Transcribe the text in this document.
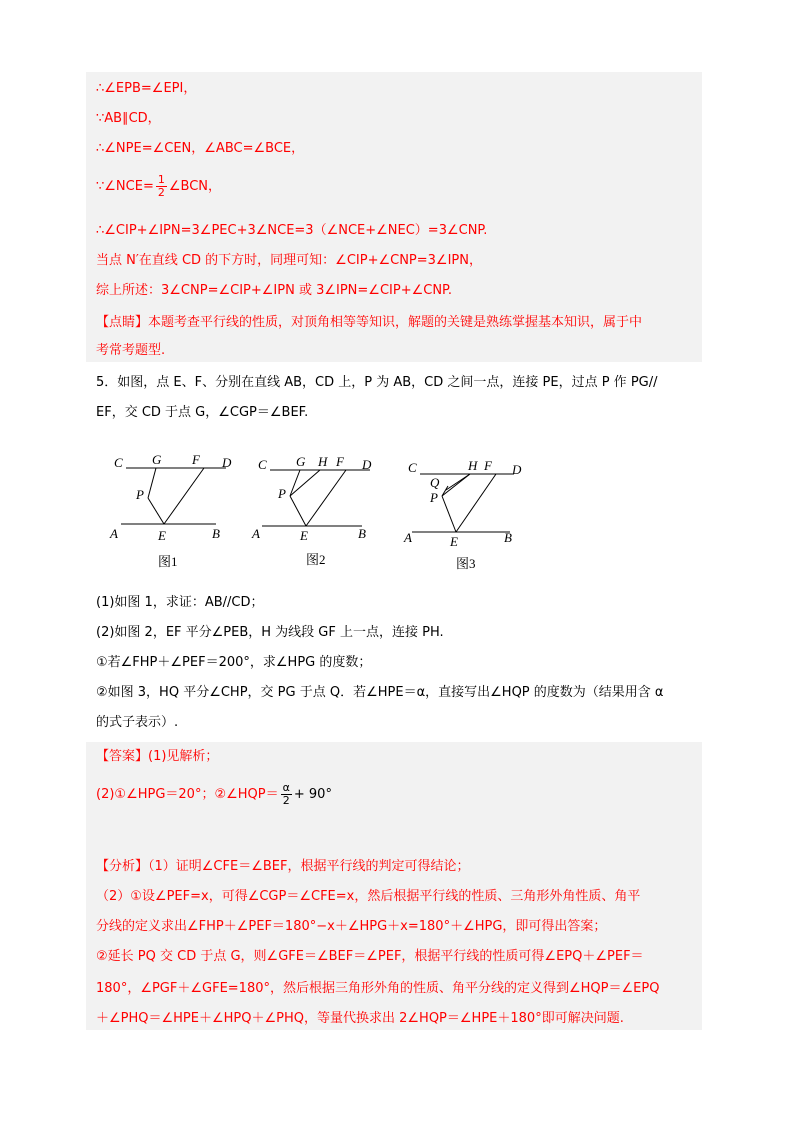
∴∠EPB=∠EPI，
∵AB∥CD，
∴∠NPE=∠CEN，∠ABC=∠BCE，
∵∠NCE= $\frac{1}{2}$ ∠BCN，
∴∠CIP+∠IPN=3∠PEC+3∠NCE=3（∠NCE+∠NEC）=3∠CNP.
当点 N′在直线 CD 的下方时，同理可知：∠CIP+∠CNP=3∠IPN，
综上所述：3∠CNP=∠CIP+∠IPN 或 3∠IPN=∠CIP+∠CNP.
【点睛】本题考查平行线的性质，对顶角相等等知识，解题的关键是熟练掌握基本知识，属于中
考常考题型.
5．如图，点 E、F、分别在直线 AB，CD 上，P 为 AB，CD 之间一点，连接 PE，过点 P 作 PG//
EF，交 CD 于点 G，∠CGP＝∠BEF.
C G F D
P
A	E	B
图1
C G H F D
P
A	E	B
图2
C	H F D
Q
P
A	E	B
图3
(1)如图 1，求证：AB//CD；
(2)如图 2，EF 平分∠PEB，H 为线段 GF 上一点，连接 PH.
①若∠FHP＋∠PEF＝200°，求∠HPG 的度数；
②如图 3，HQ 平分∠CHP，交 PG 于点 Q．若∠HPE＝α，直接写出∠HQP 的度数为（结果用含 α
的式子表示）.
【答案】(1)见解析；
(2)①∠HPG＝20°；②∠HQP＝ $\frac{\alpha}{2} + 90^\circ$
【分析】（1）证明∠CFE＝∠BEF，根据平行线的判定可得结论；
（2）①设∠PEF=x，可得∠CGP＝∠CFE=x，然后根据平行线的性质、三角形外角性质、角平
分线的定义求出∠FHP＋∠PEF＝180°−x＋∠HPG＋x=180°＋∠HPG，即可得出答案；
②延长 PQ 交 CD 于点 G，则∠GFE＝∠BEF＝∠PEF，根据平行线的性质可得∠EPQ＋∠PEF＝
180°，∠PGF＋∠GFE=180°，然后根据三角形外角的性质、角平分线的定义得到∠HQP＝∠EPQ
＋∠PHQ＝∠HPE＋∠HPQ＋∠PHQ，等量代换求出 2∠HQP＝∠HPE＋180°即可解决问题.
